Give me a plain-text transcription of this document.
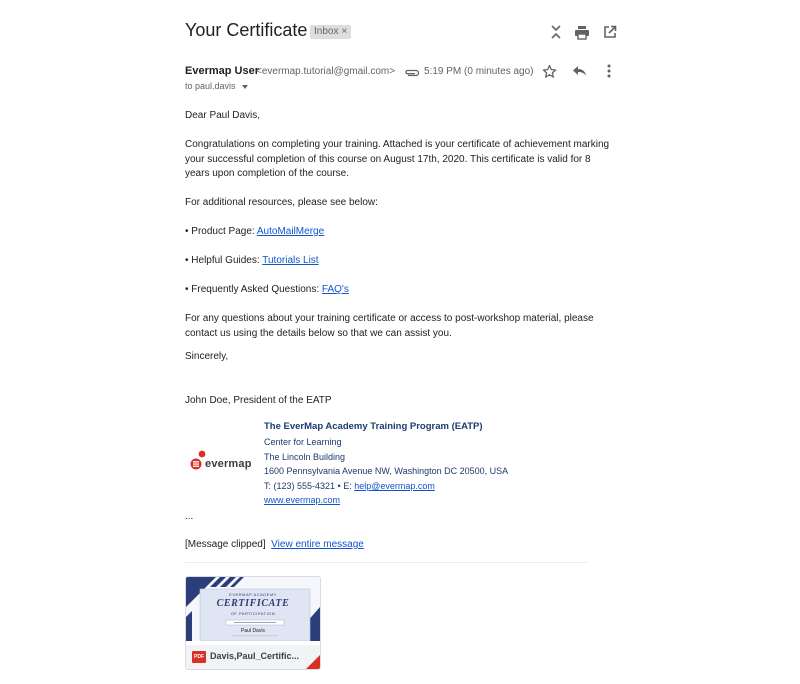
Your Certificate Inbox ×
Evermap User
<evermap.tutorial@gmail.com>	5:19 PM (0 minutes ago)
to paul.davis
Dear Paul Davis,
Congratulations on completing your training. Attached is your certificate of achievement marking your successful completion of this course on August 17th, 2020. This certificate is valid for 8 years upon completion of the course.
For additional resources, please see below:
• Product Page: AutoMailMerge
• Helpful Guides: Tutorials List
• Frequently Asked Questions: FAQ's
For any questions about your training certificate or access to post-workshop material, please contact us using the details below so that we can assist you.
Sincerely,
John Doe, President of the EATP
evermap
The EverMap Academy Training Program (EATP)
Center for Learning
The Lincoln Building
1600 Pennsylvania Avenue NW, Washington DC 20500, USA
T: (123) 555-4321 • E: help@evermap.com
www.evermap.com
...
[Message clipped] View entire message
EVERMAP ACADEMY
CERTIFICATE
OF PARTICIPATION
Paul Davis
PDF Davis,Paul_Certific...
